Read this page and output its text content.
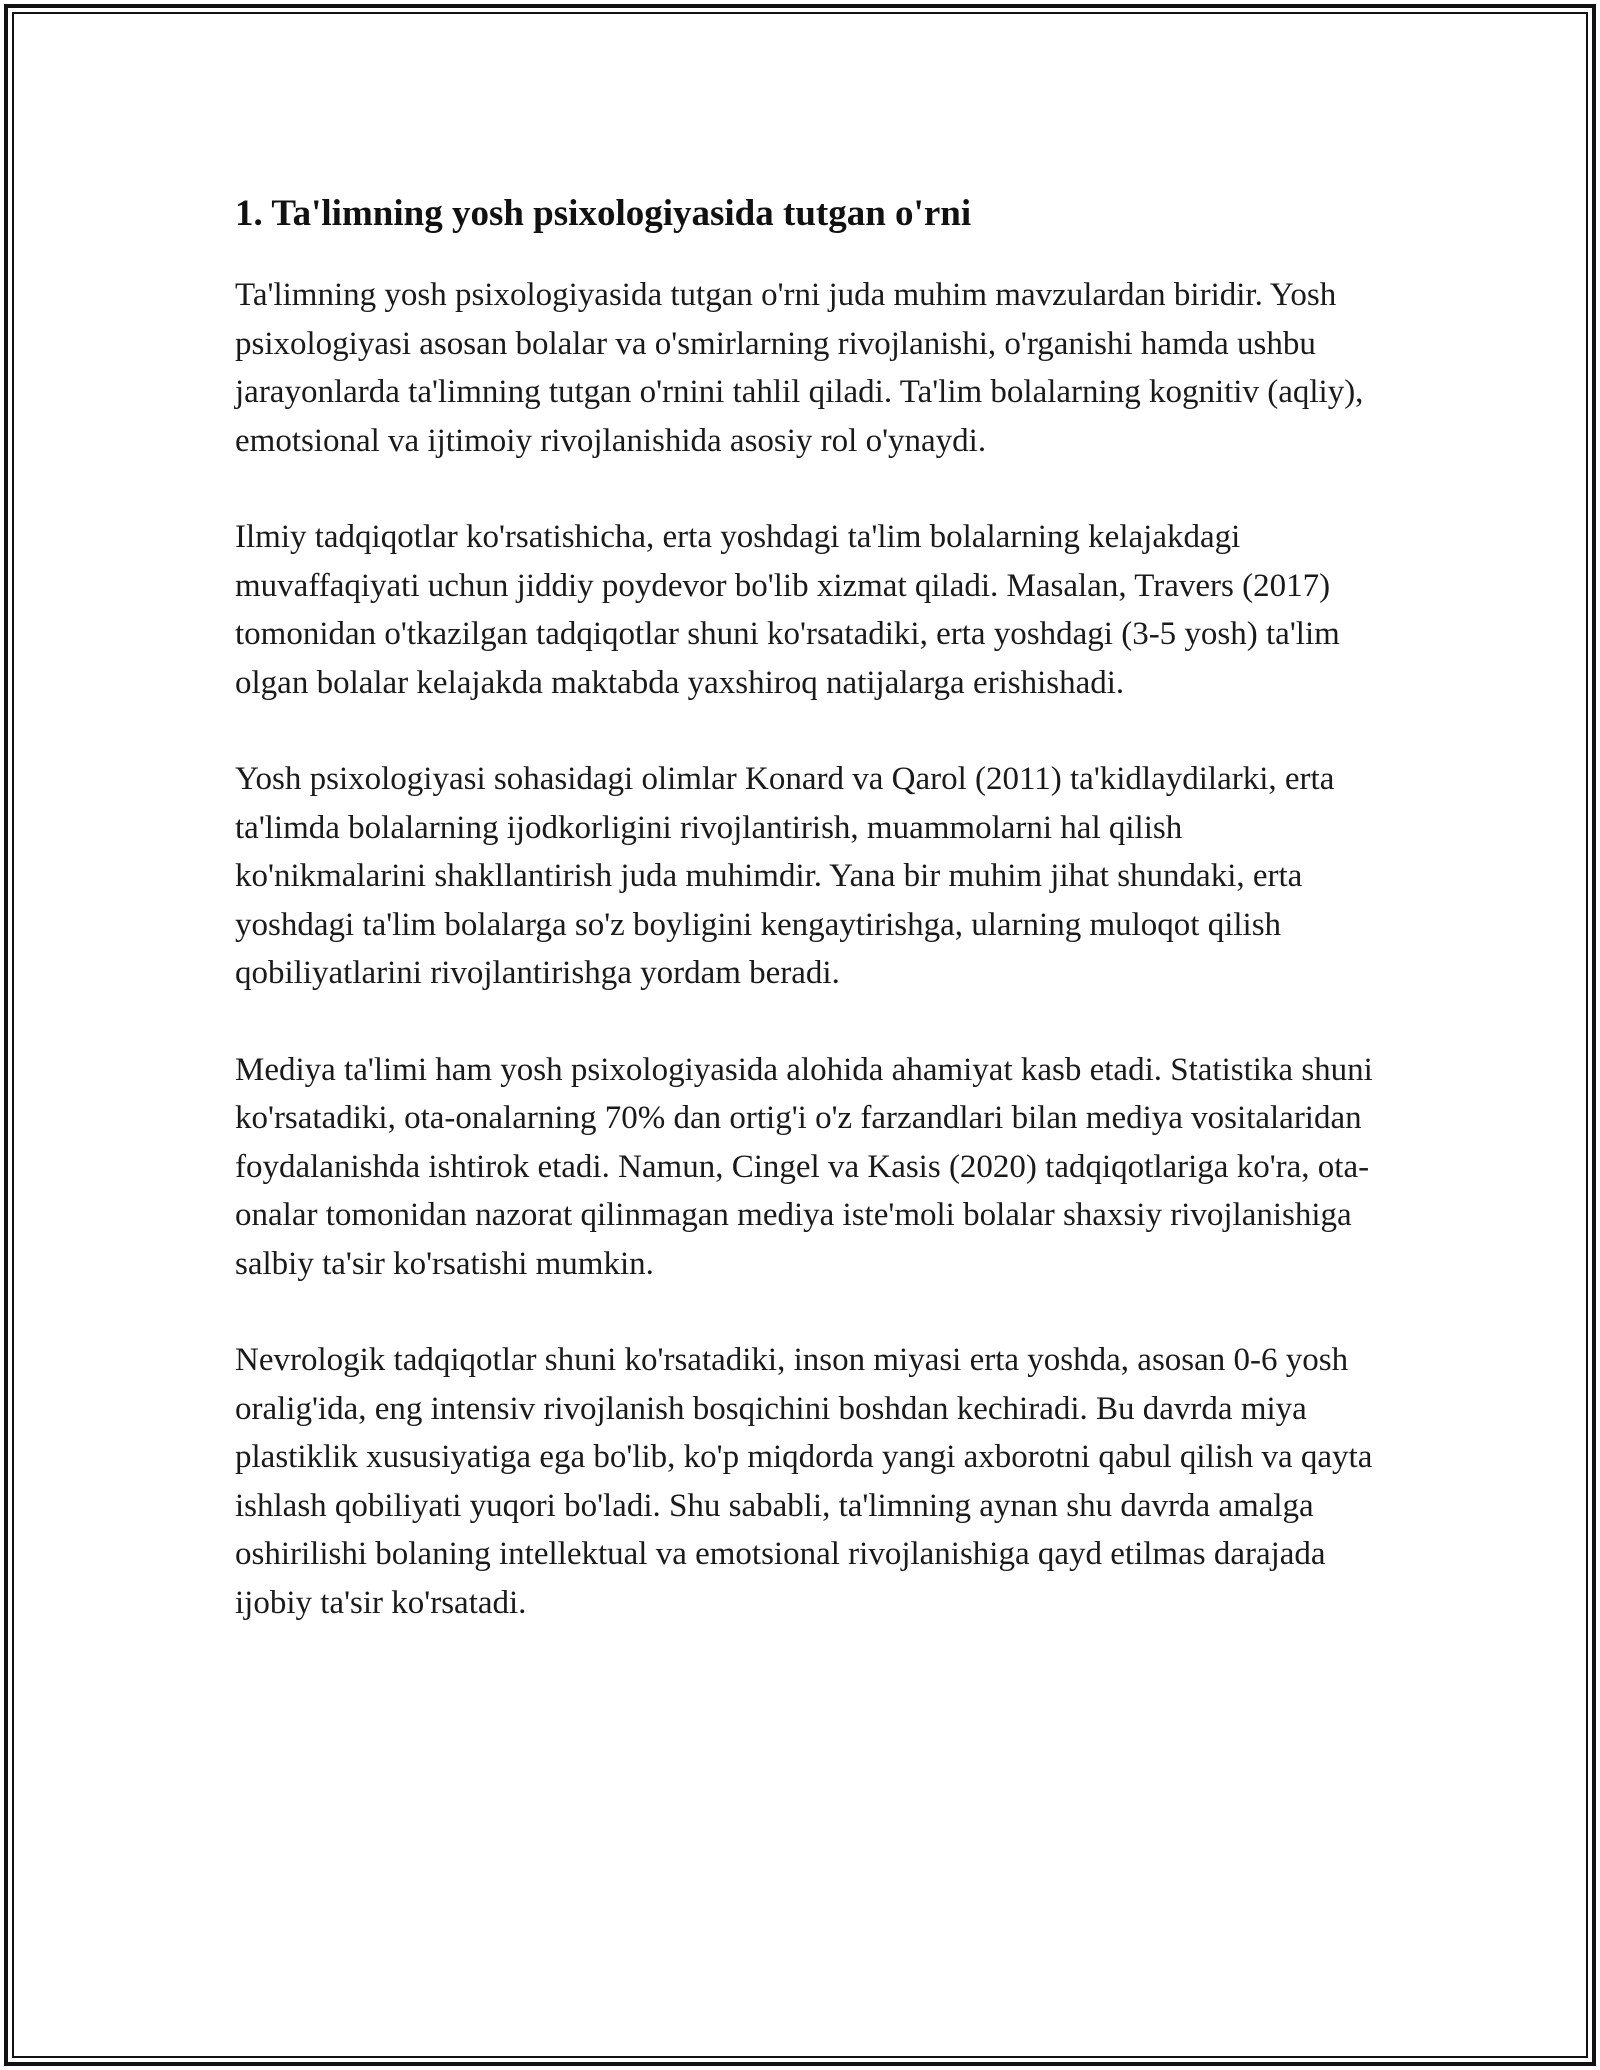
1. Ta'limning yosh psixologiyasida tutgan o'rni

Ta'limning yosh psixologiyasida tutgan o'rni juda muhim mavzulardan biridir. Yosh psixologiyasi asosan bolalar va o'smirlarning rivojlanishi, o'rganishi hamda ushbu jarayonlarda ta'limning tutgan o'rnini tahlil qiladi. Ta'lim bolalarning kognitiv (aqliy), emotsional va ijtimoiy rivojlanishida asosiy rol o'ynaydi.

Ilmiy tadqiqotlar ko'rsatishicha, erta yoshdagi ta'lim bolalarning kelajakdagi muvaffaqiyati uchun jiddiy poydevor bo'lib xizmat qiladi. Masalan, Travers (2017) tomonidan o'tkazilgan tadqiqotlar shuni ko'rsatadiki, erta yoshdagi (3-5 yosh) ta'lim olgan bolalar kelajakda maktabda yaxshiroq natijalarga erishishadi.

Yosh psixologiyasi sohasidagi olimlar Konard va Qarol (2011) ta'kidlaydilarki, erta ta'limda bolalarning ijodkorligini rivojlantirish, muammolarni hal qilish ko'nikmalarini shakllantirish juda muhimdir. Yana bir muhim jihat shundaki, erta yoshdagi ta'lim bolalarga so'z boyligini kengaytirishga, ularning muloqot qilish qobiliyatlarini rivojlantirishga yordam beradi.

Mediya ta'limi ham yosh psixologiyasida alohida ahamiyat kasb etadi. Statistika shuni ko'rsatadiki, ota-onalarning 70% dan ortig'i o'z farzandlari bilan mediya vositalaridan foydalanishda ishtirok etadi. Namun, Cingel va Kasis (2020) tadqiqotlariga ko'ra, ota-onalar tomonidan nazorat qilinmagan mediya iste'moli bolalar shaxsiy rivojlanishiga salbiy ta'sir ko'rsatishi mumkin.

Nevrologik tadqiqotlar shuni ko'rsatadiki, inson miyasi erta yoshda, asosan 0-6 yosh oralig'ida, eng intensiv rivojlanish bosqichini boshdan kechiradi. Bu davrda miya plastiklik xususiyatiga ega bo'lib, ko'p miqdorda yangi axborotni qabul qilish va qayta ishlash qobiliyati yuqori bo'ladi. Shu sababli, ta'limning aynan shu davrda amalga oshirilishi bolaning intellektual va emotsional rivojlanishiga qayd etilmas darajada ijobiy ta'sir ko'rsatadi.
